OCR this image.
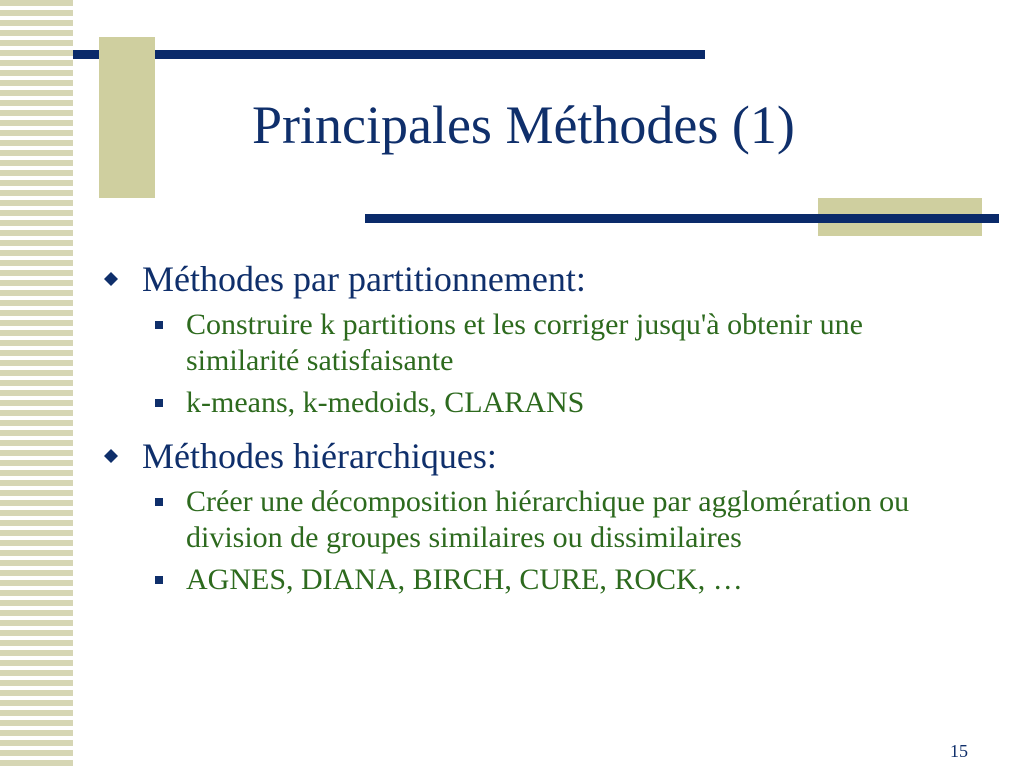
Principales Méthodes (1)
Méthodes par partitionnement:
Construire k partitions et les corriger jusqu'à obtenir une similarité satisfaisante
k-means, k-medoids, CLARANS
Méthodes hiérarchiques:
Créer une décomposition hiérarchique par agglomération ou division de groupes similaires ou dissimilaires
AGNES, DIANA, BIRCH, CURE, ROCK, …
15
